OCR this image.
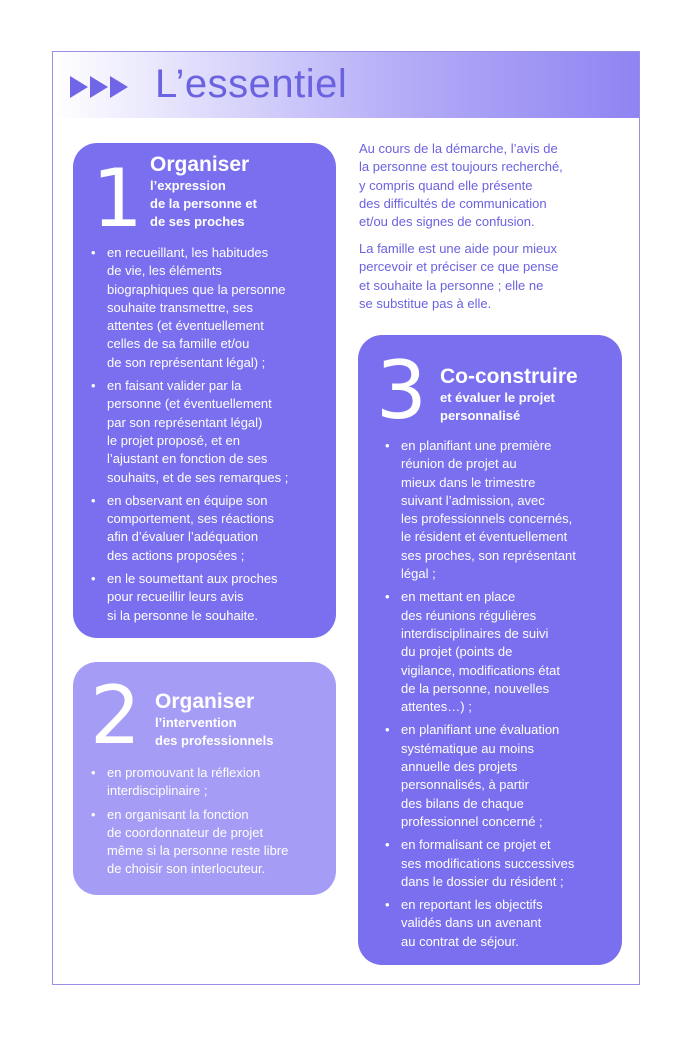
L’essentiel
1 Organiser
l’expression
de la personne et
de ses proches
• en recueillant, les habitudes
de vie, les éléments
biographiques que la personne
souhaite transmettre, ses
attentes (et éventuellement
celles de sa famille et/ou
de son représentant légal) ;
• en faisant valider par la
personne (et éventuellement
par son représentant légal)
le projet proposé, et en
l’ajustant en fonction de ses
souhaits, et de ses remarques ;
• en observant en équipe son
comportement, ses réactions
afin d’évaluer l’adéquation
des actions proposées ;
• en le soumettant aux proches
pour recueillir leurs avis
si la personne le souhaite.
2 Organiser
l’intervention
des professionnels
• en promouvant la réflexion
interdisciplinaire ;
• en organisant la fonction
de coordonnateur de projet
même si la personne reste libre
de choisir son interlocuteur.

Au cours de la démarche, l’avis de
la personne est toujours recherché,
y compris quand elle présente
des difficultés de communication
et/ou des signes de confusion.

La famille est une aide pour mieux
percevoir et préciser ce que pense
et souhaite la personne ; elle ne
se substitue pas à elle.

3 Co-construire
et évaluer le projet
personnalisé
• en planifiant une première
réunion de projet au
mieux dans le trimestre
suivant l’admission, avec
les professionnels concernés,
le résident et éventuellement
ses proches, son représentant
légal ;
• en mettant en place
des réunions régulières
interdisciplinaires de suivi
du projet (points de
vigilance, modifications état
de la personne, nouvelles
attentes…) ;
• en planifiant une évaluation
systématique au moins
annuelle des projets
personnalisés, à partir
des bilans de chaque
professionnel concerné ;
• en formalisant ce projet et
ses modifications successives
dans le dossier du résident ;
• en reportant les objectifs
validés dans un avenant
au contrat de séjour.
